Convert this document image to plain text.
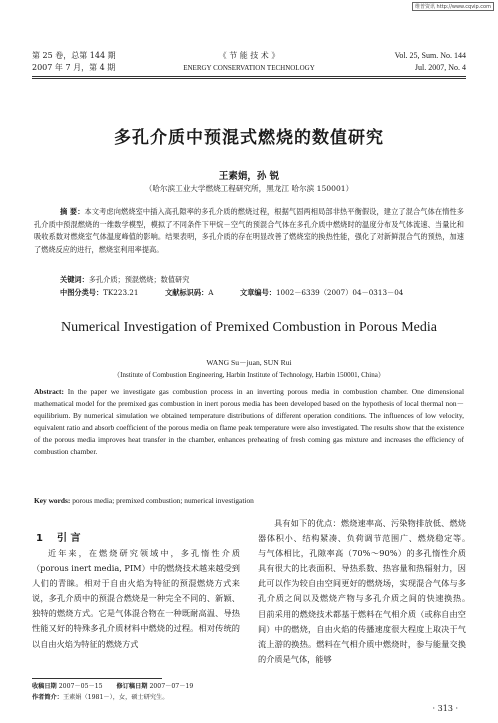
维普资讯 http://www.cqvip.com
第 25 卷，总第 144 期
2007 年 7 月，第 4 期
《 节 能 技 术 》
ENERGY CONSERVATION TECHNOLOGY
Vol. 25, Sum. No. 144
Jul. 2007, No. 4
多孔介质中预混式燃烧的数值研究
王素娟，孙 锐
（哈尔滨工业大学燃烧工程研究所，黑龙江 哈尔滨 150001）
摘 要：本文考虑向燃烧室中插入高孔隙率的多孔介质的燃烧过程，根据气固两相局部非热平衡假设，建立了混合气体在惰性多孔介质中预混燃烧的一维数学模型，模拟了不同条件下甲烷－空气的预混合气体在多孔介质中燃烧时的温度分布及气体流速、当量比和吸收系数对燃烧室气体温度峰值的影响。结果表明，多孔介质的存在明显改善了燃烧室的换热性能，强化了对新鲜混合气的预热，加速了燃烧反应的进行，燃烧室利用率提高。
关键词：多孔介质；预混燃烧；数值研究
中图分类号：TK223.21	文献标识码：A	文章编号：1002－6339（2007）04－0313－04
Numerical Investigation of Premixed Combustion in Porous Media
WANG Su－juan, SUN Rui
（Institute of Combustion Engineering, Harbin Institute of Technology, Harbin 150001, China）
Abstract: In the paper we investigate gas combustion process in an inverting porous media in combustion chamber. One dimensional mathematical model for the premixed gas combustion in inert porous media has been developed based on the hypothesis of local thermal non－equilibrium. By numerical simulation we obtained temperature distributions of different operation conditions. The influences of low velocity, equivalent ratio and absorb coefficient of the porous media on flame peak temperature were also investigated. The results show that the existence of the porous media improves heat transfer in the chamber, enhances preheating of fresh coming gas mixture and increases the efficiency of combustion chamber.
Key words: porous media; premixed combustion; numerical investigation
1 引 言
近年来，在燃烧研究领域中，多孔惰性介质（porous inert media, PIM）中的燃烧技术越来越受到人们的青睐。相对于自由火焰为特征的预混燃烧方式来说，多孔介质中的预混合燃烧是一种完全不同的、新颖、独特的燃烧方式。它是气体混合物在一种既耐高温、导热性能又好的特殊多孔介质材料中燃烧的过程。相对传统的以自由火焰为特征的燃烧方式
具有如下的优点：燃烧速率高、污染物排放低、燃烧器体积小、结构紧凑、负荷调节范围广、燃烧稳定等。　　与气体相比，孔隙率高（70%～90%）的多孔惰性介质具有很大的比表面积、导热系数、热容量和热辐射力，因此可以作为较自由空间更好的燃烧场，实现混合气体与多孔介质之间以及燃烧产物与多孔介质之间的快速换热。　　目前采用的燃烧技术都基于燃料在气相介质（或称自由空间）中的燃烧，自由火焰的传播速度很大程度上取决于气流上游的换热。燃料在气相介质中燃烧时，参与能量交换的介质是气体，能够
收稿日期 2007－05－15 修订稿日期 2007－07－19
作者简介：王素娟（1981－），女，硕士研究生。
· 313 ·
